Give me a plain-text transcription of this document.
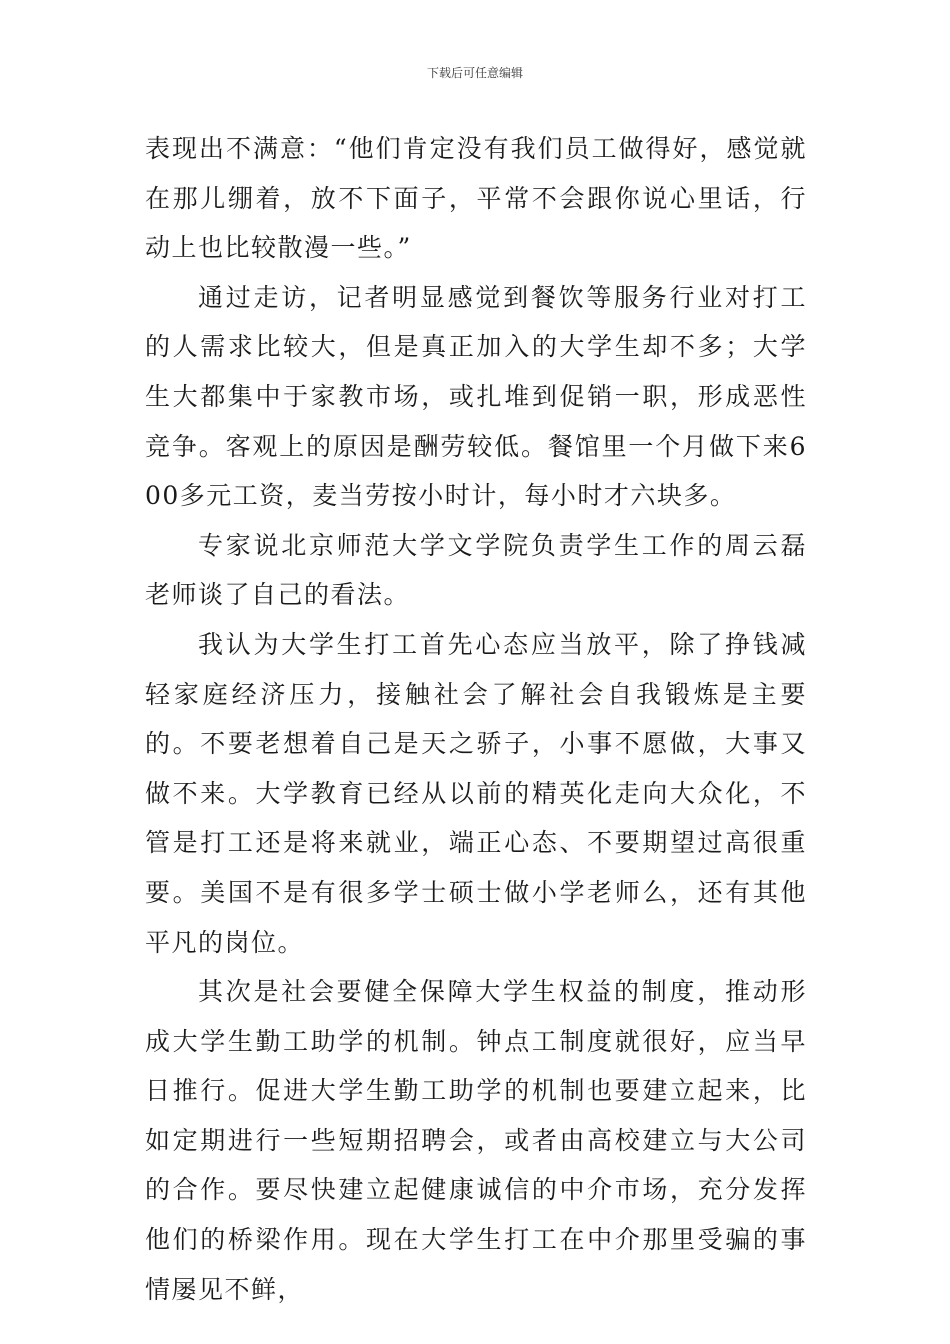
下载后可任意编辑

表现出不满意：“他们肯定没有我们员工做得好，感觉就在那儿绷着，放不下面子，平常不会跟你说心里话，行动上也比较散漫一些。”

通过走访，记者明显感觉到餐饮等服务行业对打工的人需求比较大，但是真正加入的大学生却不多；大学生大都集中于家教市场，或扎堆到促销一职，形成恶性竞争。客观上的原因是酬劳较低。餐馆里一个月做下来600多元工资，麦当劳按小时计，每小时才六块多。

专家说北京师范大学文学院负责学生工作的周云磊老师谈了自己的看法。

我认为大学生打工首先心态应当放平，除了挣钱减轻家庭经济压力，接触社会了解社会自我锻炼是主要的。不要老想着自己是天之骄子，小事不愿做，大事又做不来。大学教育已经从以前的精英化走向大众化，不管是打工还是将来就业，端正心态、不要期望过高很重要。美国不是有很多学士硕士做小学老师么，还有其他平凡的岗位。

其次是社会要健全保障大学生权益的制度，推动形成大学生勤工助学的机制。钟点工制度就很好，应当早日推行。促进大学生勤工助学的机制也要建立起来，比如定期进行一些短期招聘会，或者由高校建立与大公司的合作。要尽快建立起健康诚信的中介市场，充分发挥他们的桥梁作用。现在大学生打工在中介那里受骗的事情屡见不鲜，
